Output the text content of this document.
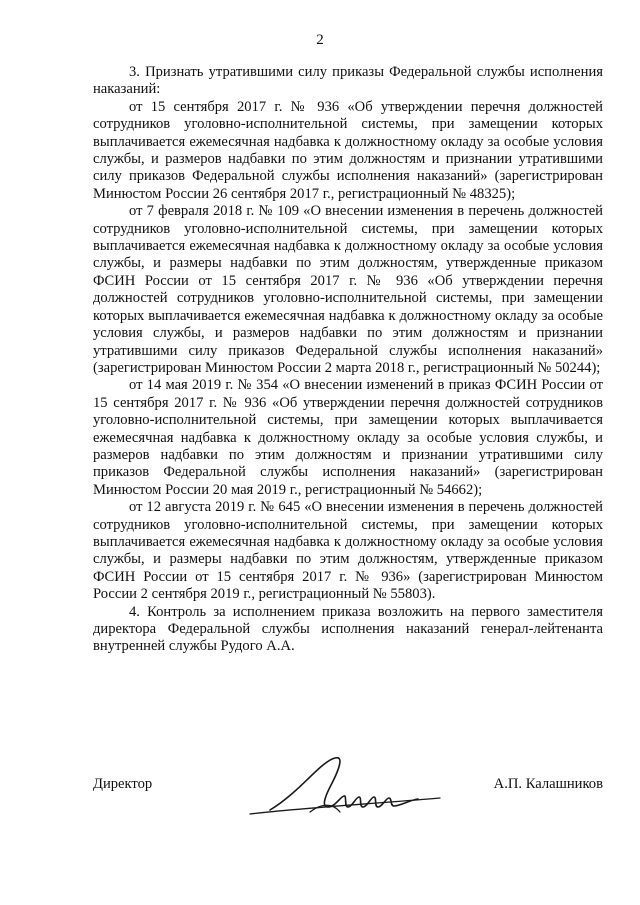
2

3. Признать утратившими силу приказы Федеральной службы исполнения наказаний:

от 15 сентября 2017 г. № 936 «Об утверждении перечня должностей сотрудников уголовно-исполнительной системы, при замещении которых выплачивается ежемесячная надбавка к должностному окладу за особые условия службы, и размеров надбавки по этим должностям и признании утратившими силу приказов Федеральной службы исполнения наказаний» (зарегистрирован Минюстом России 26 сентября 2017 г., регистрационный № 48325);

от 7 февраля 2018 г. № 109 «О внесении изменения в перечень должностей сотрудников уголовно-исполнительной системы, при замещении которых выплачивается ежемесячная надбавка к должностному окладу за особые условия службы, и размеры надбавки по этим должностям, утвержденные приказом ФСИН России от 15 сентября 2017 г. № 936 «Об утверждении перечня должностей сотрудников уголовно-исполнительной системы, при замещении которых выплачивается ежемесячная надбавка к должностному окладу за особые условия службы, и размеров надбавки по этим должностям и признании утратившими силу приказов Федеральной службы исполнения наказаний» (зарегистрирован Минюстом России 2 марта 2018 г., регистрационный № 50244);

от 14 мая 2019 г. № 354 «О внесении изменений в приказ ФСИН России от 15 сентября 2017 г. № 936 «Об утверждении перечня должностей сотрудников уголовно-исполнительной системы, при замещении которых выплачивается ежемесячная надбавка к должностному окладу за особые условия службы, и размеров надбавки по этим должностям и признании утратившими силу приказов Федеральной службы исполнения наказаний» (зарегистрирован Минюстом России 20 мая 2019 г., регистрационный № 54662);

от 12 августа 2019 г. № 645 «О внесении изменения в перечень должностей сотрудников уголовно-исполнительной системы, при замещении которых выплачивается ежемесячная надбавка к должностному окладу за особые условия службы, и размеры надбавки по этим должностям, утвержденные приказом ФСИН России от 15 сентября 2017 г. № 936» (зарегистрирован Минюстом России 2 сентября 2019 г., регистрационный № 55803).

4. Контроль за исполнением приказа возложить на первого заместителя директора Федеральной службы исполнения наказаний генерал-лейтенанта внутренней службы Рудого А.А.

Директор	А.П. Калашников
